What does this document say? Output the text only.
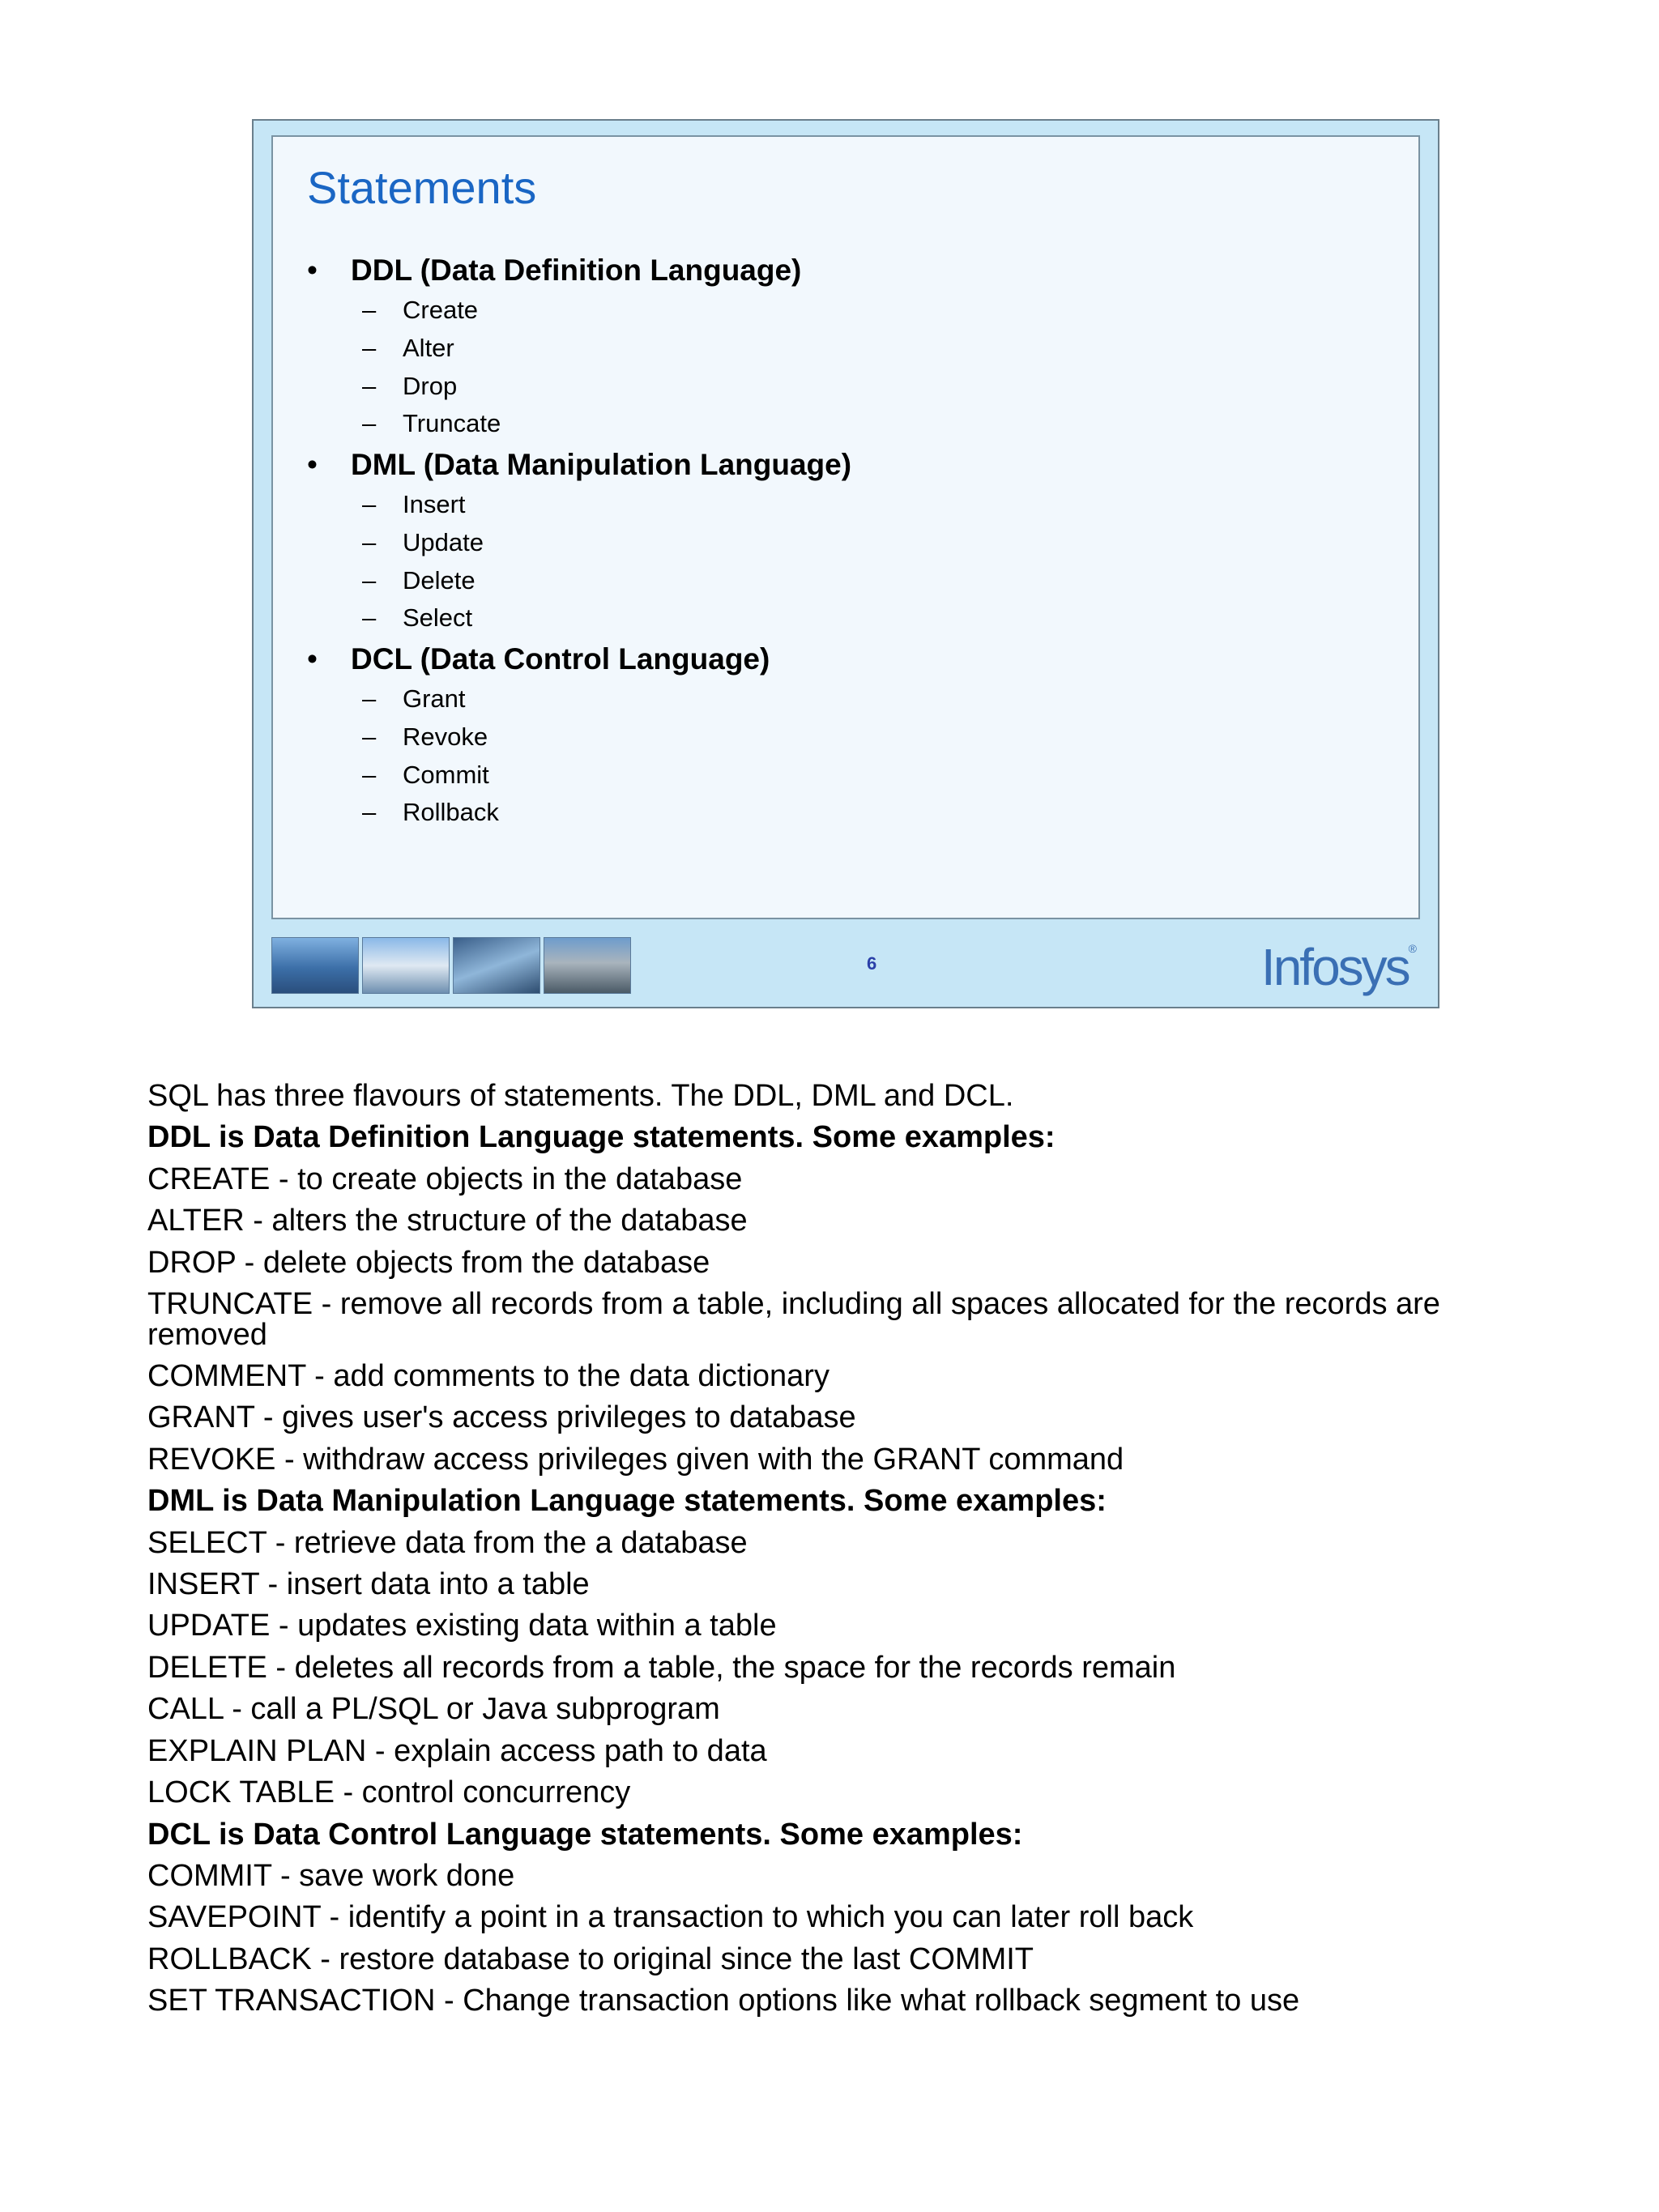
Statements
• DDL (Data Definition Language)
– Create
– Alter
– Drop
– Truncate
• DML (Data Manipulation Language)
– Insert
– Update
– Delete
– Select
• DCL (Data Control Language)
– Grant
– Revoke
– Commit
– Rollback
6	Infosys®

SQL has three flavours of statements. The DDL, DML and DCL.

DDL is Data Definition Language statements. Some examples:

CREATE - to create objects in the database

ALTER - alters the structure of the database

DROP - delete objects from the database

TRUNCATE - remove all records from a table, including all spaces allocated for the records are removed

COMMENT - add comments to the data dictionary

GRANT - gives user's access privileges to database

REVOKE - withdraw access privileges given with the GRANT command

DML is Data Manipulation Language statements. Some examples:

SELECT - retrieve data from the a database

INSERT - insert data into a table

UPDATE - updates existing data within a table

DELETE - deletes all records from a table, the space for the records remain

CALL - call a PL/SQL or Java subprogram

EXPLAIN PLAN - explain access path to data

LOCK TABLE - control concurrency

DCL is Data Control Language statements. Some examples:

COMMIT - save work done

SAVEPOINT - identify a point in a transaction to which you can later roll back

ROLLBACK - restore database to original since the last COMMIT

SET TRANSACTION - Change transaction options like what rollback segment to use
